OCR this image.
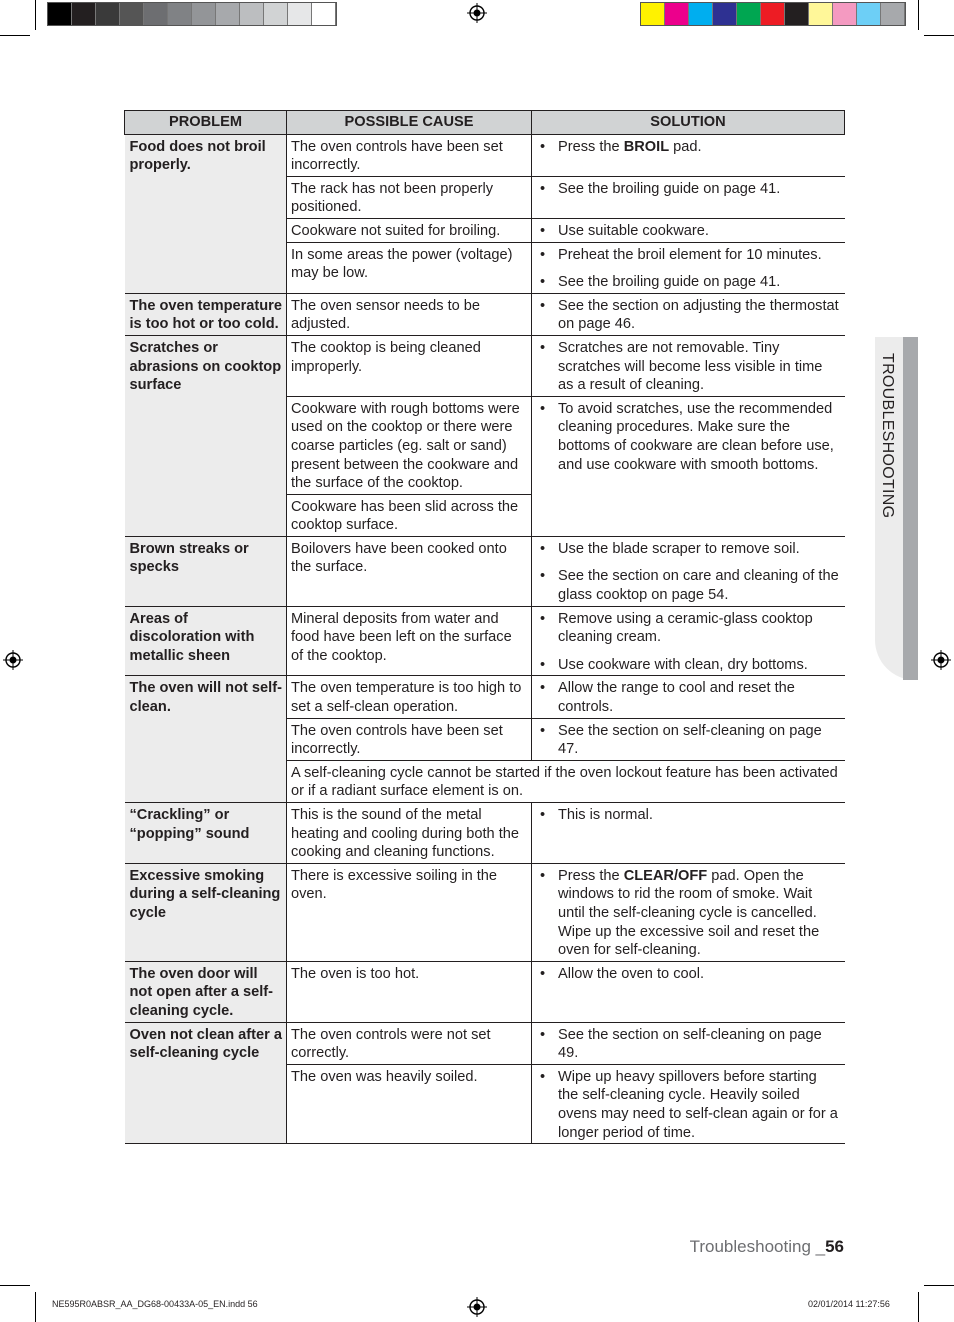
TROUBLESHOOTING
PROBLEM	POSSIBLE CAUSE	SOLUTION
Food does not broil properly.	The oven controls have been set incorrectly.	• Press the BROIL pad.

	The rack has not been properly positioned.	• See the broiling guide on page 41.

	Cookware not suited for broiling.	• Use suitable cookware.

	In some areas the power (voltage) may be low.	• Preheat the broil element for 10 minutes.
• See the broiling guide on page 41.

The oven temperature is too hot or too cold.	The oven sensor needs to be adjusted.	• See the section on adjusting the thermostat on page 46.

Scratches or abrasions on cooktop surface	The cooktop is being cleaned improperly.	• Scratches are not removable. Tiny scratches will become less visible in time as a result of cleaning.

	Cookware with rough bottoms were used on the cooktop or there were coarse particles (eg. salt or sand) present between the cookware and the surface of the cooktop.	• To avoid scratches, use the recommended cleaning procedures. Make sure the bottoms of cookware are clean before use, and use cookware with smooth bottoms.

	Cookware has been slid across the cooktop surface.	
Brown streaks or specks	Boilovers have been cooked onto the surface.	• Use the blade scraper to remove soil.
• See the section on care and cleaning of the glass cooktop on page 54.

Areas of discoloration with metallic sheen	Mineral deposits from water and food have been left on the surface of the cooktop.	• Remove using a ceramic-glass cooktop cleaning cream.
• Use cookware with clean, dry bottoms.

The oven will not self-clean.	The oven temperature is too high to set a self-clean operation.	• Allow the range to cool and reset the controls.

	The oven controls have been set incorrectly.	• See the section on self-cleaning on page 47.

	A self-cleaning cycle cannot be started if the oven lockout feature has been activated or if a radiant surface element is on.	
“Crackling” or “popping” sound	This is the sound of the metal heating and cooling during both the cooking and cleaning functions.	• This is normal.

Excessive smoking during a self-cleaning cycle	There is excessive soiling in the oven.	• Press the CLEAR/OFF pad. Open the windows to rid the room of smoke. Wait until the self-cleaning cycle is cancelled. Wipe up the excessive soil and reset the oven for self-cleaning.

The oven door will not open after a self-cleaning cycle.	The oven is too hot.	• Allow the oven to cool.

Oven not clean after a self-cleaning cycle	The oven controls were not set correctly.	• See the section on self-cleaning on page 49.

	The oven was heavily soiled.	• Wipe up heavy spillovers before starting the self-cleaning cycle. Heavily soiled ovens may need to self-clean again or for a longer period of time.
Troubleshooting _56
NE595R0ABSR_AA_DG68-00433A-05_EN.indd 56	02/01/2014 11:27:56
